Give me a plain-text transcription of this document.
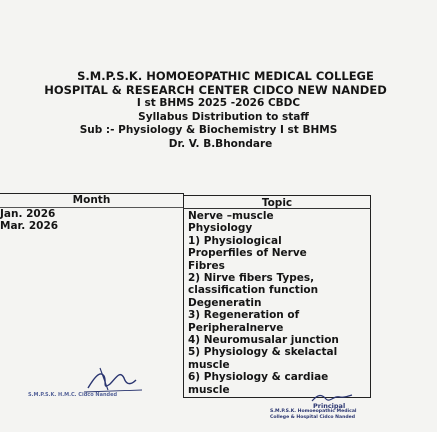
S.M.P.S.K. HOMOEOPATHIC MEDICAL COLLEGE
HOSPITAL & RESEARCH CENTER CIDCO NEW NANDED
I st BHMS 2025 -2026 CBDC
Syllabus Distribution to staff
Sub :- Physiology & Biochemistry I st BHMS
Dr. V. B.Bhondare
Month
Jan. 2026
Mar. 2026
Topic
Nerve –muscle
Physiology
1) Physiological
Properfiles of Nerve
Fibres
2) Nirve fibers Types,
classification function
Degeneratin
3) Regeneration of
Peripheralnerve
4) Neuromusalar junction
5) Physiology & skelactal
muscle
6) Physiology & cardiae
muscle
S.M.P.S.K. H.M.C. Cidco Nanded
Principal
S.M.P.S.K. Homoeopathic Medical
College & Hospital Cidco Nanded
